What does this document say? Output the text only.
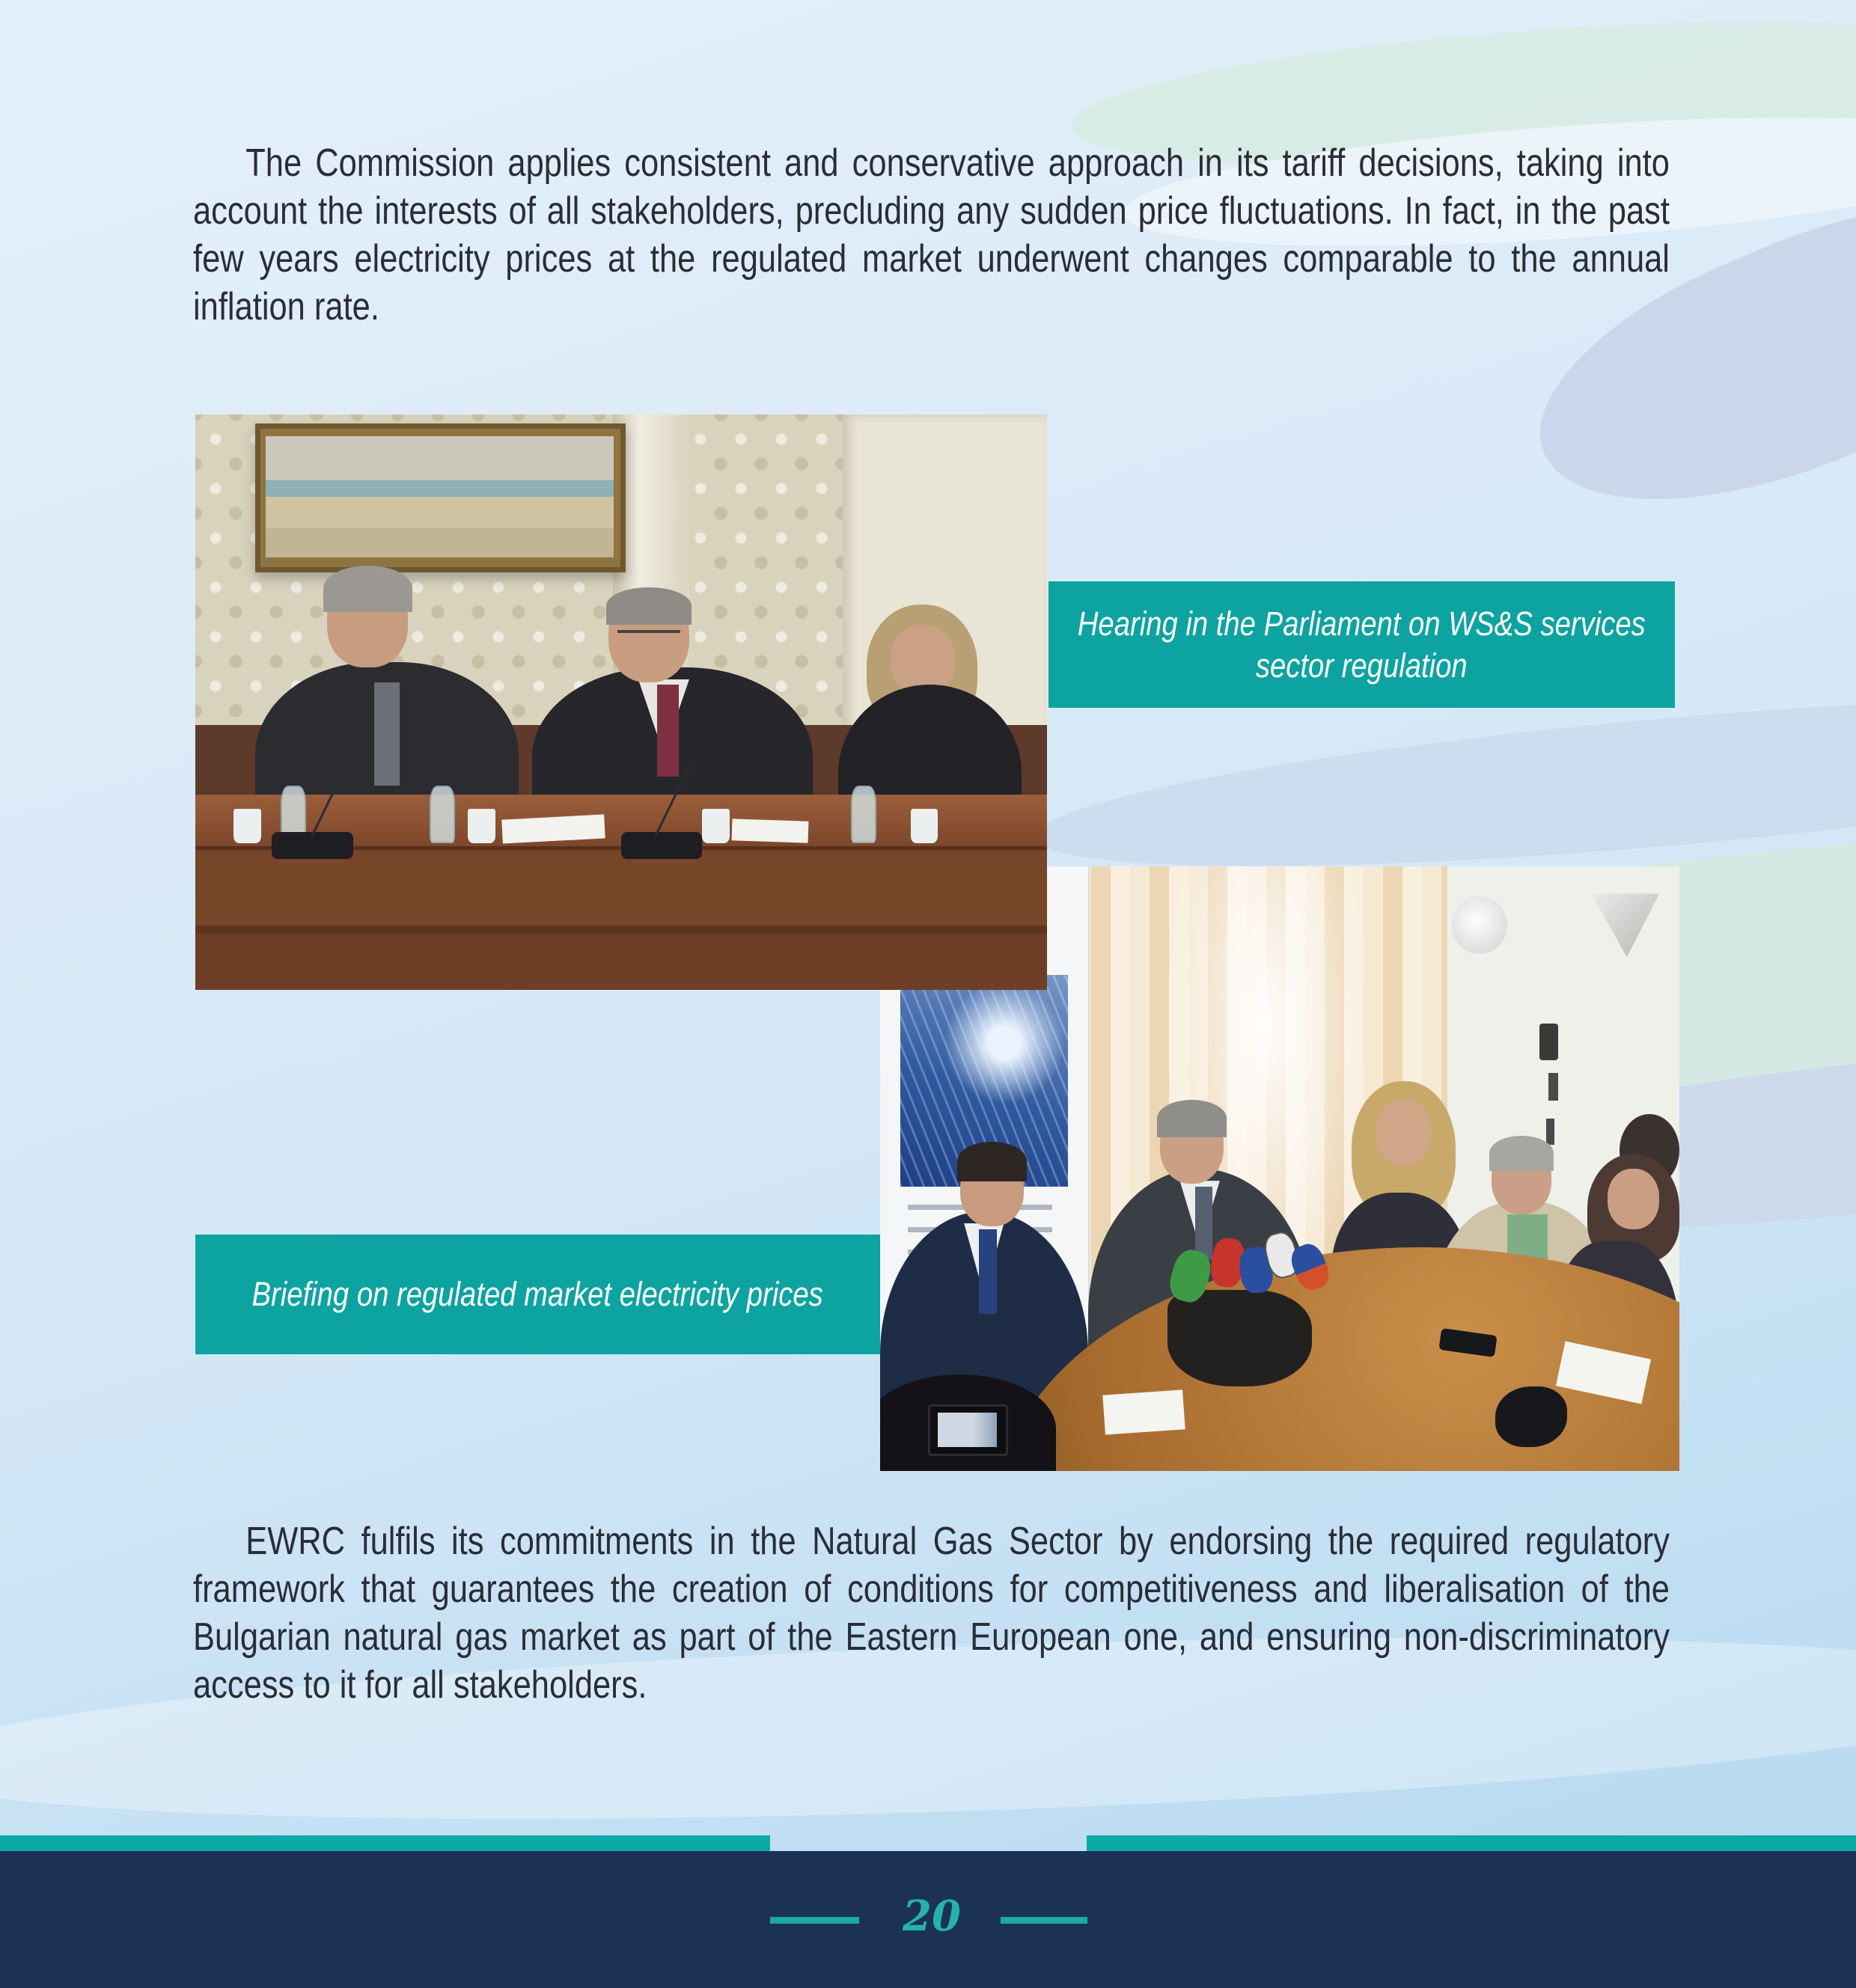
The Commission applies consistent and conservative approach in its tariff decisions, taking into account the interests of all stakeholders, precluding any sudden price fluctuations. In fact, in the past few years electricity prices at the regulated market underwent changes comparable to the annual inflation rate.

Hearing in the Parliament on WS&S services sector regulation
Briefing on regulated market electricity prices

EWRC fulfils its commitments in the Natural Gas Sector by endorsing the required regulatory framework that guarantees the creation of conditions for competitiveness and liberalisation of the Bulgarian natural gas market as part of the Eastern European one, and ensuring non-discriminatory access to it for all stakeholders.

20
